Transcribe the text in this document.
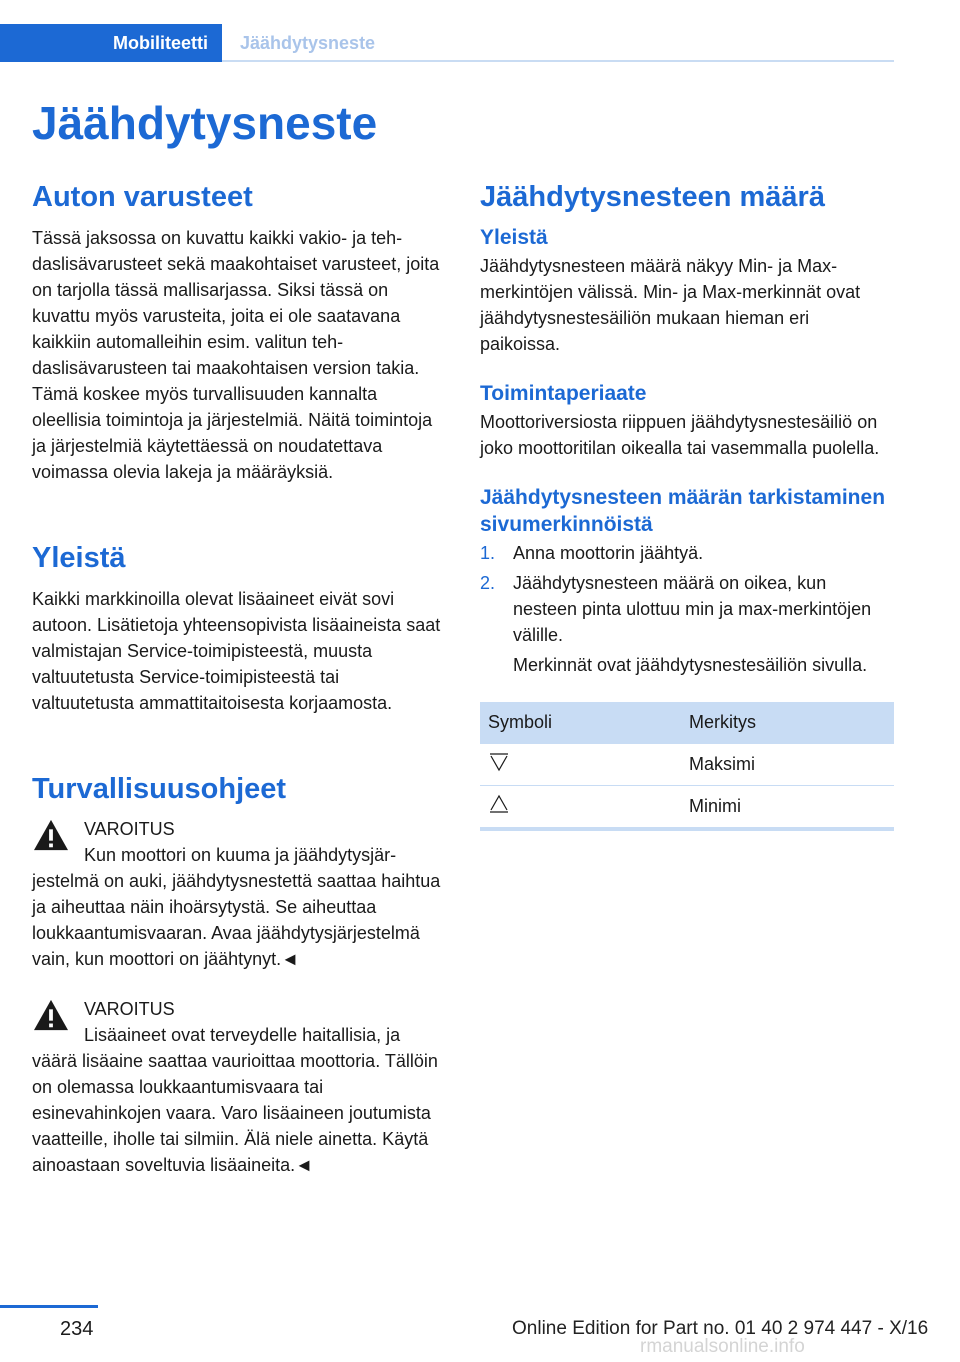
Mobiliteetti	Jäähdytysneste
Jäähdytysneste
Auton varusteet

Tässä jaksossa on kuvattu kaikki vakio- ja tehdaslisävarusteet sekä maakohtaiset varusteet, joita on tarjolla tässä mallisarjassa. Siksi tässä on kuvattu myös varusteita, joita ei ole saatavana kaikkiin automalleihin esim. valitun tehdaslisävarusteen tai maakohtaisen version takia. Tämä koskee myös turvallisuuden kannalta oleellisia toimintoja ja järjestelmiä. Näitä toimintoja ja järjestelmiä käytettäessä on noudatettava voimassa olevia lakeja ja määräyksiä.

Yleistä

Kaikki markkinoilla olevat lisäaineet eivät sovi autoon. Lisätietoja yhteensopivista lisäaineista saat valmistajan Service-toimipisteestä, muusta valtuutetusta Service-toimipisteestä tai valtuutetusta ammattitaitoisesta korjaamosta.

Turvallisuusohjeet
VAROITUS

Kun moottori on kuuma ja jäähdytysjär-

jestelmä on auki, jäähdytysnestettä saattaa haihtua ja aiheuttaa näin ihoärsytystä. Se aiheuttaa loukkaantumisvaaran. Avaa jäähdytysjärjestelmä vain, kun moottori on jäähtynyt.◄

VAROITUS

Lisäaineet ovat terveydelle haitallisia, ja

väärä lisäaine saattaa vaurioittaa moottoria. Tällöin on olemassa loukkaantumisvaara tai esinevahinkojen vaara. Varo lisäaineen joutumista vaatteille, iholle tai silmiin. Älä niele ainetta. Käytä ainoastaan soveltuvia lisäaineita.◄

Jäähdytysnesteen määrä
Yleistä

Jäähdytysnesteen määrä näkyy Min- ja Max-merkintöjen välissä. Min- ja Max-merkinnät ovat jäähdytysnestesäiliön mukaan hieman eri paikoissa.

Toimintaperiaate

Moottoriversiosta riippuen jäähdytysnestesäiliö on joko moottoritilan oikealla tai vasemmalla puolella.

Jäähdytysnesteen määrän tarkistaminen sivumerkinnöistä
1. Anna moottorin jäähtyä.
2. Jäähdytysnesteen määrä on oikea, kun nesteen pinta ulottuu min ja max-merkintöjen välille.

Merkinnät ovat jäähdytysnestesäiliön sivulla.

Symboli	Merkitys
	Maksimi
	Minimi
234	Online Edition for Part no. 01 40 2 974 447 - X/16
rmanualsonline.info
